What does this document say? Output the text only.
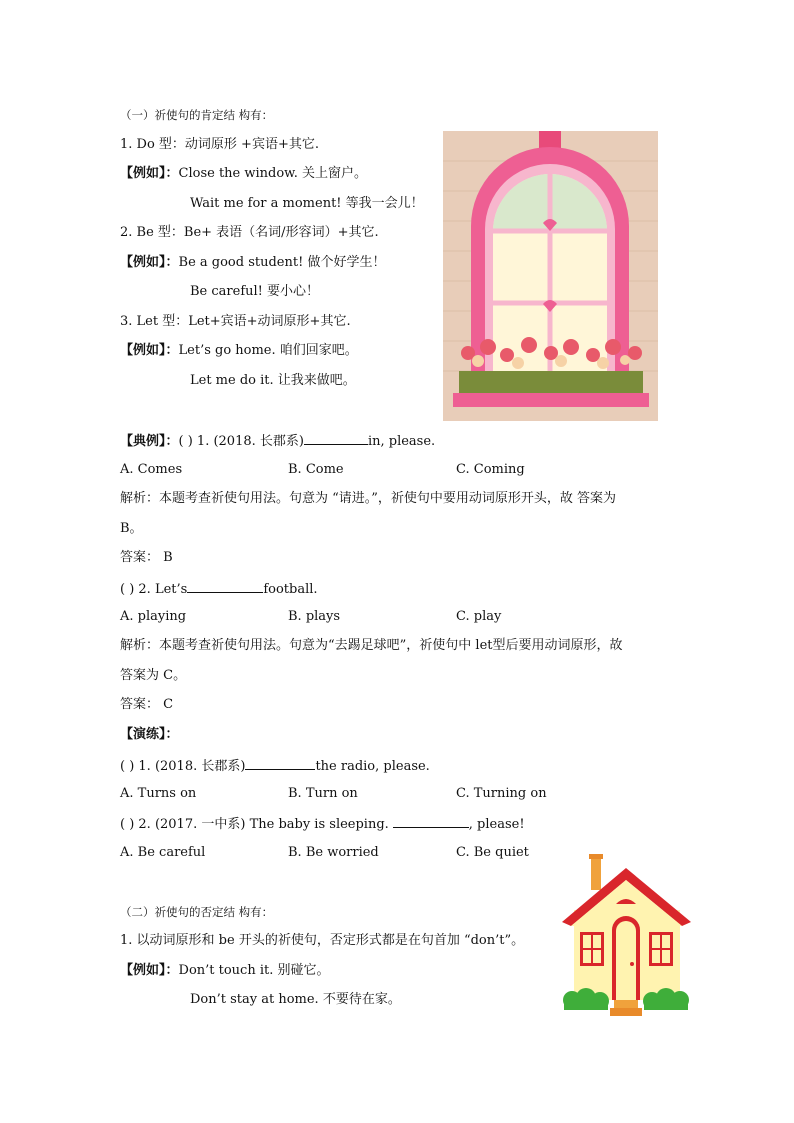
（一）祈使句的肯定结 构有：
1. Do 型：动词原形 +宾语+其它.
【例如】：Close the window. 关上窗户。
Wait me for a moment! 等我一会儿！
2. Be 型：Be+ 表语（名词/形容词）+其它.
【例如】：Be a good student! 做个好学生！
Be careful! 要小心！
3. Let 型：Let+宾语+动词原形+其它.
【例如】：Let’s go home. 咱们回家吧。
Let me do it. 让我来做吧。
【典例】：( ) 1. (2018. 长郡系)	in, please.
A. Comes	B. Come	C. Coming
解析：本题考查祈使句用法。句意为 “请进。”，祈使句中要用动词原形开头，故 答案为
B。
答案： B
( ) 2. Let’s	football.
A. playing	B. plays	C. play
解析：本题考查祈使句用法。句意为“去踢足球吧”，祈使句中 let型后要用动词原形，故
答案为 C。
答案： C
【演练】：
( ) 1. (2018. 长郡系)	the radio, please.
A. Turns on	B. Turn on	C. Turning on
( ) 2. (2017. 一中系) The baby is sleeping.	, please!
A. Be careful	B. Be worried	C. Be quiet
（二）祈使句的否定结 构有：
1. 以动词原形和 be 开头的祈使句，否定形式都是在句首加 “don’t”。
【例如】：Don’t touch it. 别碰它。
Don’t stay at home. 不要待在家。
